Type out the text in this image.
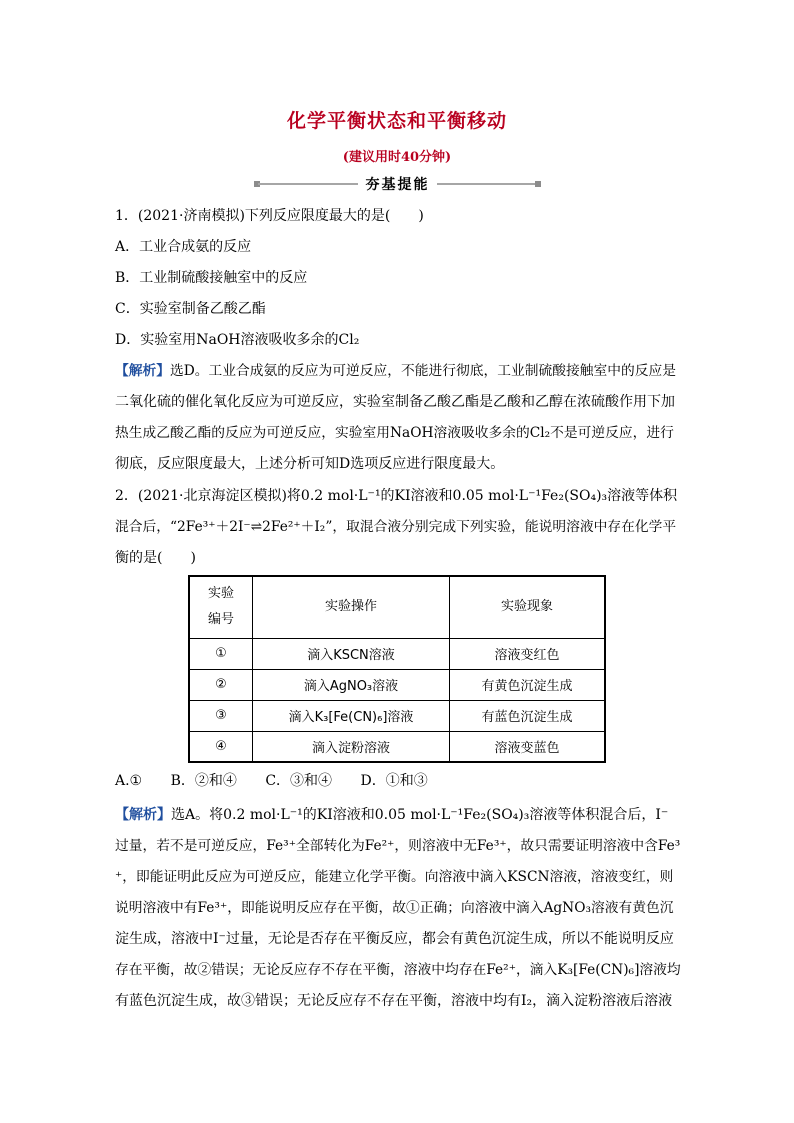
化学平衡状态和平衡移动
(建议用时40分钟)
夯基提能

1．(2021·济南模拟)下列反应限度最大的是(　　)

A．工业合成氨的反应

B．工业制硫酸接触室中的反应

C．实验室制备乙酸乙酯

D．实验室用NaOH溶液吸收多余的Cl₂

【解析】选D。工业合成氨的反应为可逆反应，不能进行彻底，工业制硫酸接触室中的反应是

二氧化硫的催化氧化反应为可逆反应，实验室制备乙酸乙酯是乙酸和乙醇在浓硫酸作用下加

热生成乙酸乙酯的反应为可逆反应，实验室用NaOH溶液吸收多余的Cl₂不是可逆反应，进行

彻底，反应限度最大，上述分析可知D选项反应进行限度最大。

2．(2021·北京海淀区模拟)将0.2 mol·L⁻¹的KI溶液和0.05 mol·L⁻¹Fe₂(SO₄)₃溶液等体积

混合后，“2Fe³⁺＋2I⁻⇌2Fe²⁺＋I₂”，取混合液分别完成下列实验，能说明溶液中存在化学平

衡的是(　　)

实验
编号	实验操作	实验现象
①	滴入KSCN溶液	溶液变红色
②	滴入AgNO₃溶液	有黄色沉淀生成
③	滴入K₃[Fe(CN)₆]溶液	有蓝色沉淀生成
④	滴入淀粉溶液	溶液变蓝色
A.① B．②和④ C．③和④ D．①和③

【解析】选A。将0.2 mol·L⁻¹的KI溶液和0.05 mol·L⁻¹Fe₂(SO₄)₃溶液等体积混合后，I⁻

过量，若不是可逆反应，Fe³⁺全部转化为Fe²⁺，则溶液中无Fe³⁺，故只需要证明溶液中含Fe³

⁺，即能证明此反应为可逆反应，能建立化学平衡。向溶液中滴入KSCN溶液，溶液变红，则

说明溶液中有Fe³⁺，即能说明反应存在平衡，故①正确；向溶液中滴入AgNO₃溶液有黄色沉

淀生成，溶液中I⁻过量，无论是否存在平衡反应，都会有黄色沉淀生成，所以不能说明反应

存在平衡，故②错误；无论反应存不存在平衡，溶液中均存在Fe²⁺，滴入K₃[Fe(CN)₆]溶液均

有蓝色沉淀生成，故③错误；无论反应存不存在平衡，溶液中均有I₂，滴入淀粉溶液后溶液
